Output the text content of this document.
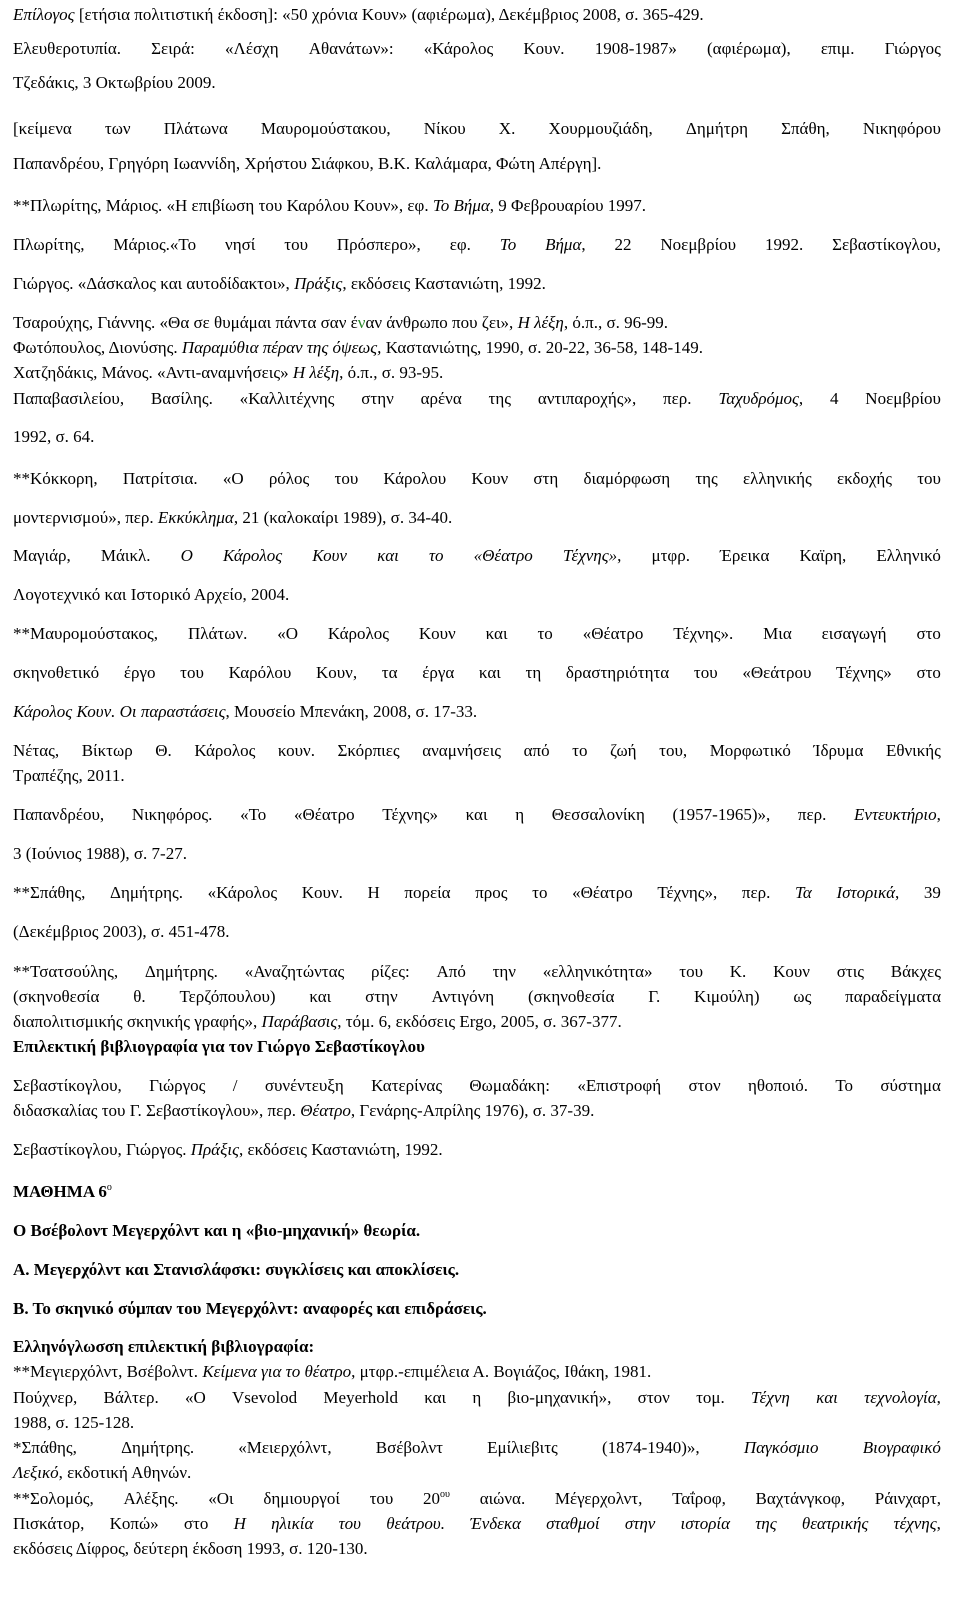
Επίλογος [ετήσια πολιτιστική έκδοση]: «50 χρόνια Κουν» (αφιέρωμα), Δεκέμβριος 2008, σ. 365-429.
Ελευθεροτυπία. Σειρά: «Λέσχη Αθανάτων»: «Κάρολος Κουν. 1908-1987» (αφιέρωμα), επιμ. Γιώργος
Τζεδάκις, 3 Οκτωβρίου 2009.
[κείμενα των Πλάτωνα Μαυρομούστακου, Νίκου Χ. Χουρμουζιάδη, Δημήτρη Σπάθη, Νικηφόρου
Παπανδρέου, Γρηγόρη Ιωαννίδη, Χρήστου Σιάφκου, Β.Κ. Καλάμαρα, Φώτη Απέργη].
**Πλωρίτης, Μάριος. «Η επιβίωση του Καρόλου Κουν», εφ. Το Βήμα, 9 Φεβρουαρίου 1997.
Πλωρίτης, Μάριος.«Το νησί του Πρόσπερο», εφ. Το Βήμα, 22 Νοεμβρίου 1992. Σεβαστίκογλου,
Γιώργος. «Δάσκαλος και αυτοδίδακτοι», Πράξις, εκδόσεις Καστανιώτη, 1992.
Τσαρούχης, Γιάννης. «Θα σε θυμάμαι πάντα σαν έναν άνθρωπο που ζει», Η λέξη, ό.π., σ. 96-99.
Φωτόπουλος, Διονύσης. Παραμύθια πέραν της όψεως, Καστανιώτης, 1990, σ. 20-22, 36-58, 148-149.
Χατζηδάκις, Μάνος. «Αντι-αναμνήσεις» Η λέξη, ό.π., σ. 93-95.
Παπαβασιλείου, Βασίλης. «Καλλιτέχνης στην αρένα της αντιπαροχής», περ. Ταχυδρόμος, 4 Νοεμβρίου
1992, σ. 64.
**Κόκκορη, Πατρίτσια. «Ο ρόλος του Κάρολου Κουν στη διαμόρφωση της ελληνικής εκδοχής του
μοντερνισμού», περ. Εκκύκλημα, 21 (καλοκαίρι 1989), σ. 34-40.
Μαγιάρ, Μάικλ. Ο Κάρολος Κουν και το «Θέατρο Τέχνης», μτφρ. Έρεικα Καϊρη, Ελληνικό
Λογοτεχνικό και Ιστορικό Αρχείο, 2004.
**Μαυρομούστακος, Πλάτων. «Ο Κάρολος Κουν και το «Θέατρο Τέχνης». Μια εισαγωγή στο
σκηνοθετικό έργο του Καρόλου Κουν, τα έργα και τη δραστηριότητα του «Θεάτρου Τέχνης» στο
Κάρολος Κουν. Οι παραστάσεις, Μουσείο Μπενάκη, 2008, σ. 17-33.
Νέτας, Βίκτωρ Θ. Κάρολος κουν. Σκόρπιες αναμνήσεις από το ζωή του, Μορφωτικό Ίδρυμα Εθνικής
Τραπέζης, 2011.
Παπανδρέου, Νικηφόρος. «Το «Θέατρο Τέχνης» και η Θεσσαλονίκη (1957-1965)», περ. Εντευκτήριο,
3 (Ιούνιος 1988), σ. 7-27.
**Σπάθης, Δημήτρης. «Κάρολος Κουν. Η πορεία προς το «Θέατρο Τέχνης», περ. Τα Ιστορικά, 39
(Δεκέμβριος 2003), σ. 451-478.
**Τσατσούλης, Δημήτρης. «Αναζητώντας ρίζες: Από την «ελληνικότητα» του Κ. Κουν στις Βάκχες
(σκηνοθεσία θ. Τερζόπουλου) και στην Αντιγόνη (σκηνοθεσία Γ. Κιμούλη) ως παραδείγματα
διαπολιτισμικής σκηνικής γραφής», Παράβασις, τόμ. 6, εκδόσεις Ergo, 2005, σ. 367-377.
Επιλεκτική βιβλιογραφία για τον Γιώργο Σεβαστίκογλου
Σεβαστίκογλου, Γιώργος / συνέντευξη Κατερίνας Θωμαδάκη: «Επιστροφή στον ηθοποιό. Το σύστημα
διδασκαλίας του Γ. Σεβαστίκογλου», περ. Θέατρο, Γενάρης-Απρίλης 1976), σ. 37-39.
Σεβαστίκογλου, Γιώργος. Πράξις, εκδόσεις Καστανιώτη, 1992.
ΜΑΘΗΜΑ $6^o$
Ο Βσέβολοντ Μεγερχόλντ και η «βιο-μηχανική» θεωρία.
Α. Μεγερχόλντ και Στανισλάφσκι: συγκλίσεις και αποκλίσεις.
Β. Το σκηνικό σύμπαν του Μεγερχόλντ: αναφορές και επιδράσεις.
Ελληνόγλωσση επιλεκτική βιβλιογραφία:
**Μεγιερχόλντ, Βσέβολντ. Κείμενα για το θέατρο, μτφρ.-επιμέλεια Α. Βογιάζος, Ιθάκη, 1981.
Πούχνερ, Βάλτερ. «Ο Vsevolod Meyerhold και η βιο-μηχανική», στον τομ. Τέχνη και τεχνολογία,
1988, σ. 125-128.
*Σπάθης,	Δημήτρης.	«Μειερχόλντ,	Βσέβολντ	Εμίλιεβιτς	(1874-1940)»,	Παγκόσμιο	Βιογραφικό
Λεξικό, εκδοτική Αθηνών.
**Σολομός, Αλέξης. «Οι δημιουργοί του $20^{o\upsilon}$ αιώνα. Μέγερχολντ, Ταΐροφ, Βαχτάνγκοφ, Ράινχαρτ,
Πισκάτορ, Κοπώ» στο Η ηλικία του θεάτρου. Ένδεκα σταθμοί στην ιστορία της θεατρικής τέχνης,
εκδόσεις Δίφρος, δεύτερη έκδοση 1993, σ. 120-130.
